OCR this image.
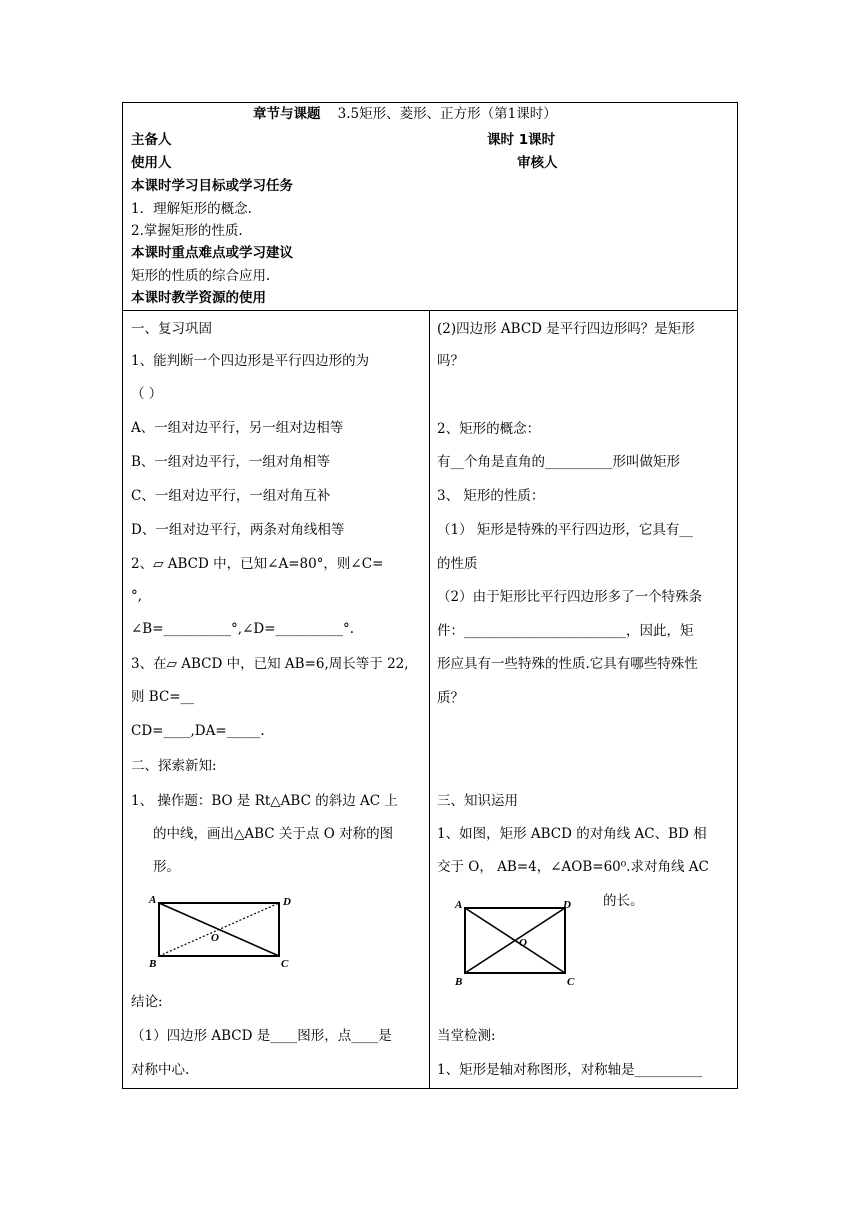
章节与课题 3.5矩形、菱形、正方形（第1课时）
主备人	课时 1课时
使用人	审核人
本课时学习目标或学习任务
1．理解矩形的概念.
2.掌握矩形的性质.
本课时重点难点或学习建议
矩形的性质的综合应用.
本课时教学资源的使用
一、复习巩固
1、能判断一个四边形是平行四边形的为
（ ）
A、一组对边平行，另一组对边相等
B、一组对边平行，一组对角相等
C、一组对边平行，一组对角互补
D、一组对边平行，两条对角线相等
2、▱ ABCD 中，已知∠A=80°，则∠C=
°,
∠B=__________°,∠D=__________°.
3、在▱ ABCD 中，已知 AB=6,周长等于 22,
则 BC=__
CD=____,DA=_____.
二、探索新知:
1、 操作题：BO 是 Rt△ABC 的斜边 AC 上
的中线，画出△ABC 关于点 O 对称的图
形。
A
B	C
D
O
结论:
（1）四边形 ABCD 是____图形，点____是
对称中心.
(2)四边形 ABCD 是平行四边形吗？是矩形
吗？
2、矩形的概念：
有__个角是直角的__________形叫做矩形
3、 矩形的性质：
（1） 矩形是特殊的平行四边形，它具有__
的性质
（2）由于矩形比平行四边形多了一个特殊条
件：________________________，因此，矩
形应具有一些特殊的性质.它具有哪些特殊性
质？
三、知识运用
1、如图，矩形 ABCD 的对角线 AC、BD 相
交于 O， AB=4，∠AOB=60⁰.求对角线 AC
的长。
A
B	C
D
O
当堂检测:
1、矩形是轴对称图形，对称轴是__________
